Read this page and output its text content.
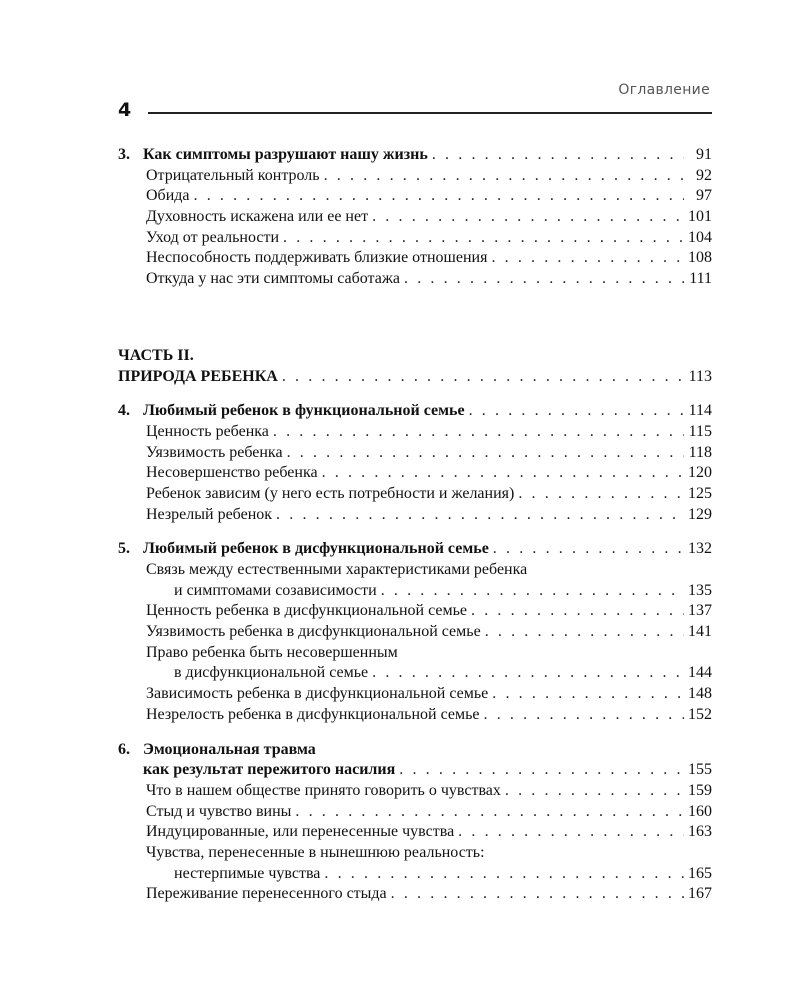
Оглавление
4
3. Как симптомы разрушают нашу жизнь . . .	91
Отрицательный контроль . . .	92
Обида . . .	97
Духовность искажена или ее нет . . .	101
Уход от реальности . . .	104
Неспособность поддерживать близкие отношения . . .	108
Откуда у нас эти симптомы саботажа . . .	111
ЧАСТЬ II.
ПРИРОДА РЕБЕНКА . . .	113
4. Любимый ребенок в функциональной семье . . .	114
Ценность ребенка . . .	115
Уязвимость ребенка . . .	118
Несовершенство ребенка . . .	120
Ребенок зависим (у него есть потребности и желания) . . .	125
Незрелый ребенок . . .	129
5. Любимый ребенок в дисфункциональной семье . . .	132
Связь между естественными характеристиками ребенка
и симптомами созависимости . . .	135
Ценность ребенка в дисфункциональной семье . . .	137
Уязвимость ребенка в дисфункциональной семье . . .	141
Право ребенка быть несовершенным
в дисфункциональной семье . . .	144
Зависимость ребенка в дисфункциональной семье . . .	148
Незрелость ребенка в дисфункциональной семье . . .	152
6. Эмоциональная травма
как результат пережитого насилия . . .	155
Что в нашем обществе принято говорить о чувствах . . .	159
Стыд и чувство вины . . .	160
Индуцированные, или перенесенные чувства . . .	163
Чувства, перенесенные в нынешнюю реальность:
нестерпимые чувства . . .	165
Переживание перенесенного стыда . . .	167
